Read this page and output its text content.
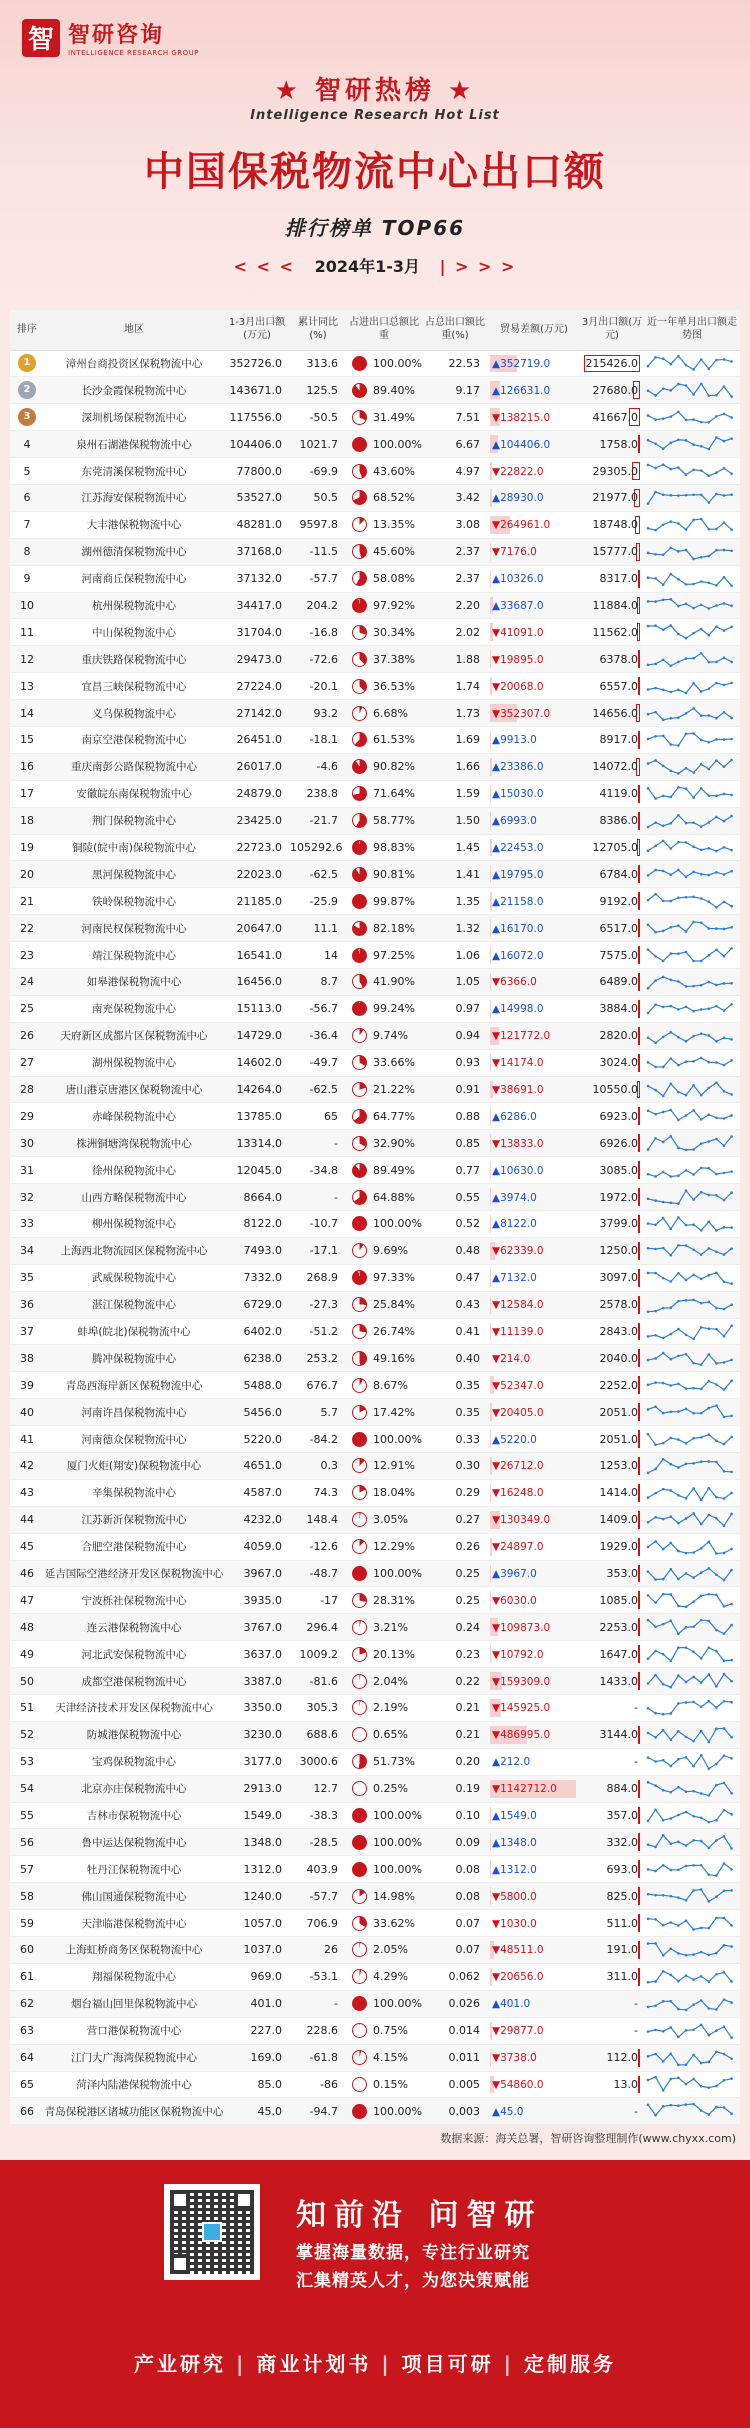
智 智研咨询
INTELLIGENCE RESEARCH GROUP
★ 智研热榜 ★
Intelligence Research Hot List
中国保税物流中心出口额
排行榜单 TOP66
< < < 2024年1-3月 | > > >
排序	地区	1-3月出口额(万元)	累计同比(%)	占进出口总额比重	占总出口额比重(%)	贸易差额(万元)	3月出口额(万元)	近一年单月出口额走势图
1	漳州台商投资区保税物流中心	352726.0	313.6	100.00%	22.53	▲352719.0	215426.0	

2	长沙金霞保税物流中心	143671.0	125.5	89.40%	9.17	▲126631.0	27680.0	

3	深圳机场保税物流中心	117556.0	-50.5	31.49%	7.51	▼138215.0	41667.0	

4	泉州石湖港保税物流中心	104406.0	1021.7	100.00%	6.67	▲104406.0	1758.0	

5	东莞清溪保税物流中心	77800.0	-69.9	43.60%	4.97	▼22822.0	29305.0	

6	江苏海安保税物流中心	53527.0	50.5	68.52%	3.42	▲28930.0	21977.0	

7	大丰港保税物流中心	48281.0	9597.8	13.35%	3.08	▼264961.0	18748.0	

8	湖州德清保税物流中心	37168.0	-11.5	45.60%	2.37	▼7176.0	15777.0	

9	河南商丘保税物流中心	37132.0	-57.7	58.08%	2.37	▲10326.0	8317.0	

10	杭州保税物流中心	34417.0	204.2	97.92%	2.20	▲33687.0	11884.0	

11	中山保税物流中心	31704.0	-16.8	30.34%	2.02	▼41091.0	11562.0	

12	重庆铁路保税物流中心	29473.0	-72.6	37.38%	1.88	▼19895.0	6378.0	

13	宜昌三峡保税物流中心	27224.0	-20.1	36.53%	1.74	▼20068.0	6557.0	

14	义乌保税物流中心	27142.0	93.2	6.68%	1.73	▼352307.0	14656.0	

15	南京空港保税物流中心	26451.0	-18.1	61.53%	1.69	▲9913.0	8917.0	

16	重庆南彭公路保税物流中心	26017.0	-4.6	90.82%	1.66	▲23386.0	14072.0	

17	安徽皖东南保税物流中心	24879.0	238.8	71.64%	1.59	▲15030.0	4119.0	

18	荆门保税物流中心	23425.0	-21.7	58.77%	1.50	▲6993.0	8386.0	

19	铜陵(皖中南)保税物流中心	22723.0	105292.6	98.83%	1.45	▲22453.0	12705.0	

20	黑河保税物流中心	22023.0	-62.5	90.81%	1.41	▲19795.0	6784.0	

21	铁岭保税物流中心	21185.0	-25.9	99.87%	1.35	▲21158.0	9192.0	

22	河南民权保税物流中心	20647.0	11.1	82.18%	1.32	▲16170.0	6517.0	

23	靖江保税物流中心	16541.0	14	97.25%	1.06	▲16072.0	7575.0	

24	如皋港保税物流中心	16456.0	8.7	41.90%	1.05	▼6366.0	6489.0	

25	南充保税物流中心	15113.0	-56.7	99.24%	0.97	▲14998.0	3884.0	

26	天府新区成都片区保税物流中心	14729.0	-36.4	9.74%	0.94	▼121772.0	2820.0	

27	湖州保税物流中心	14602.0	-49.7	33.66%	0.93	▼14174.0	3024.0	

28	唐山港京唐港区保税物流中心	14264.0	-62.5	21.22%	0.91	▼38691.0	10550.0	

29	赤峰保税物流中心	13785.0	65	64.77%	0.88	▲6286.0	6923.0	

30	株洲铜塘湾保税物流中心	13314.0	-	32.90%	0.85	▼13833.0	6926.0	

31	徐州保税物流中心	12045.0	-34.8	89.49%	0.77	▲10630.0	3085.0	

32	山西方略保税物流中心	8664.0	-	64.88%	0.55	▲3974.0	1972.0	

33	柳州保税物流中心	8122.0	-10.7	100.00%	0.52	▲8122.0	3799.0	

34	上海西北物流园区保税物流中心	7493.0	-17.1	9.69%	0.48	▼62339.0	1250.0	

35	武威保税物流中心	7332.0	268.9	97.33%	0.47	▲7132.0	3097.0	

36	湛江保税物流中心	6729.0	-27.3	25.84%	0.43	▼12584.0	2578.0	

37	蚌埠(皖北)保税物流中心	6402.0	-51.2	26.74%	0.41	▼11139.0	2843.0	

38	腾冲保税物流中心	6238.0	253.2	49.16%	0.40	▼214.0	2040.0	

39	青岛西海岸新区保税物流中心	5488.0	676.7	8.67%	0.35	▼52347.0	2252.0	

40	河南许昌保税物流中心	5456.0	5.7	17.42%	0.35	▼20405.0	2051.0	

41	河南德众保税物流中心	5220.0	-84.2	100.00%	0.33	▲5220.0	2051.0	

42	厦门火炬(翔安)保税物流中心	4651.0	0.3	12.91%	0.30	▼26712.0	1253.0	

43	辛集保税物流中心	4587.0	74.3	18.04%	0.29	▼16248.0	1414.0	

44	江苏新沂保税物流中心	4232.0	148.4	3.05%	0.27	▼130349.0	1409.0	

45	合肥空港保税物流中心	4059.0	-12.6	12.29%	0.26	▼24897.0	1929.0	

46	延吉国际空港经济开发区保税物流中心	3967.0	-48.7	100.00%	0.25	▲3967.0	353.0	

47	宁波栎社保税物流中心	3935.0	-17	28.31%	0.25	▼6030.0	1085.0	

48	连云港保税物流中心	3767.0	296.4	3.21%	0.24	▼109873.0	2253.0	

49	河北武安保税物流中心	3637.0	1009.2	20.13%	0.23	▼10792.0	1647.0	

50	成都空港保税物流中心	3387.0	-81.6	2.04%	0.22	▼159309.0	1433.0	

51	天津经济技术开发区保税物流中心	3350.0	305.3	2.19%	0.21	▼145925.0	-	

52	防城港保税物流中心	3230.0	688.6	0.65%	0.21	▼486995.0	3144.0	

53	宝鸡保税物流中心	3177.0	3000.6	51.73%	0.20	▲212.0	-	

54	北京亦庄保税物流中心	2913.0	12.7	0.25%	0.19	▼1142712.0	884.0	

55	吉林市保税物流中心	1549.0	-38.3	100.00%	0.10	▲1549.0	357.0	

56	鲁中运达保税物流中心	1348.0	-28.5	100.00%	0.09	▲1348.0	332.0	

57	牡丹江保税物流中心	1312.0	403.9	100.00%	0.08	▲1312.0	693.0	

58	佛山国通保税物流中心	1240.0	-57.7	14.98%	0.08	▼5800.0	825.0	

59	天津临港保税物流中心	1057.0	706.9	33.62%	0.07	▼1030.0	511.0	

60	上海虹桥商务区保税物流中心	1037.0	26	2.05%	0.07	▼48511.0	191.0	

61	翔福保税物流中心	969.0	-53.1	4.29%	0.062	▼20656.0	311.0	

62	烟台福山回里保税物流中心	401.0	-	100.00%	0.026	▲401.0	-	

63	营口港保税物流中心	227.0	228.6	0.75%	0.014	▼29877.0	-	

64	江门大广海湾保税物流中心	169.0	-61.8	4.15%	0.011	▼3738.0	112.0	

65	菏泽内陆港保税物流中心	85.0	-86	0.15%	0.005	▼54860.0	13.0	

66	青岛保税港区诸城功能区保税物流中心	45.0	-94.7	100.00%	0.003	▲45.0	-	
数据来源：海关总署，智研咨询整理制作(www.chyxx.com)
知前沿 问智研
掌握海量数据，专注行业研究
汇集精英人才，为您决策赋能
产业研究 | 商业计划书 | 项目可研 | 定制服务
